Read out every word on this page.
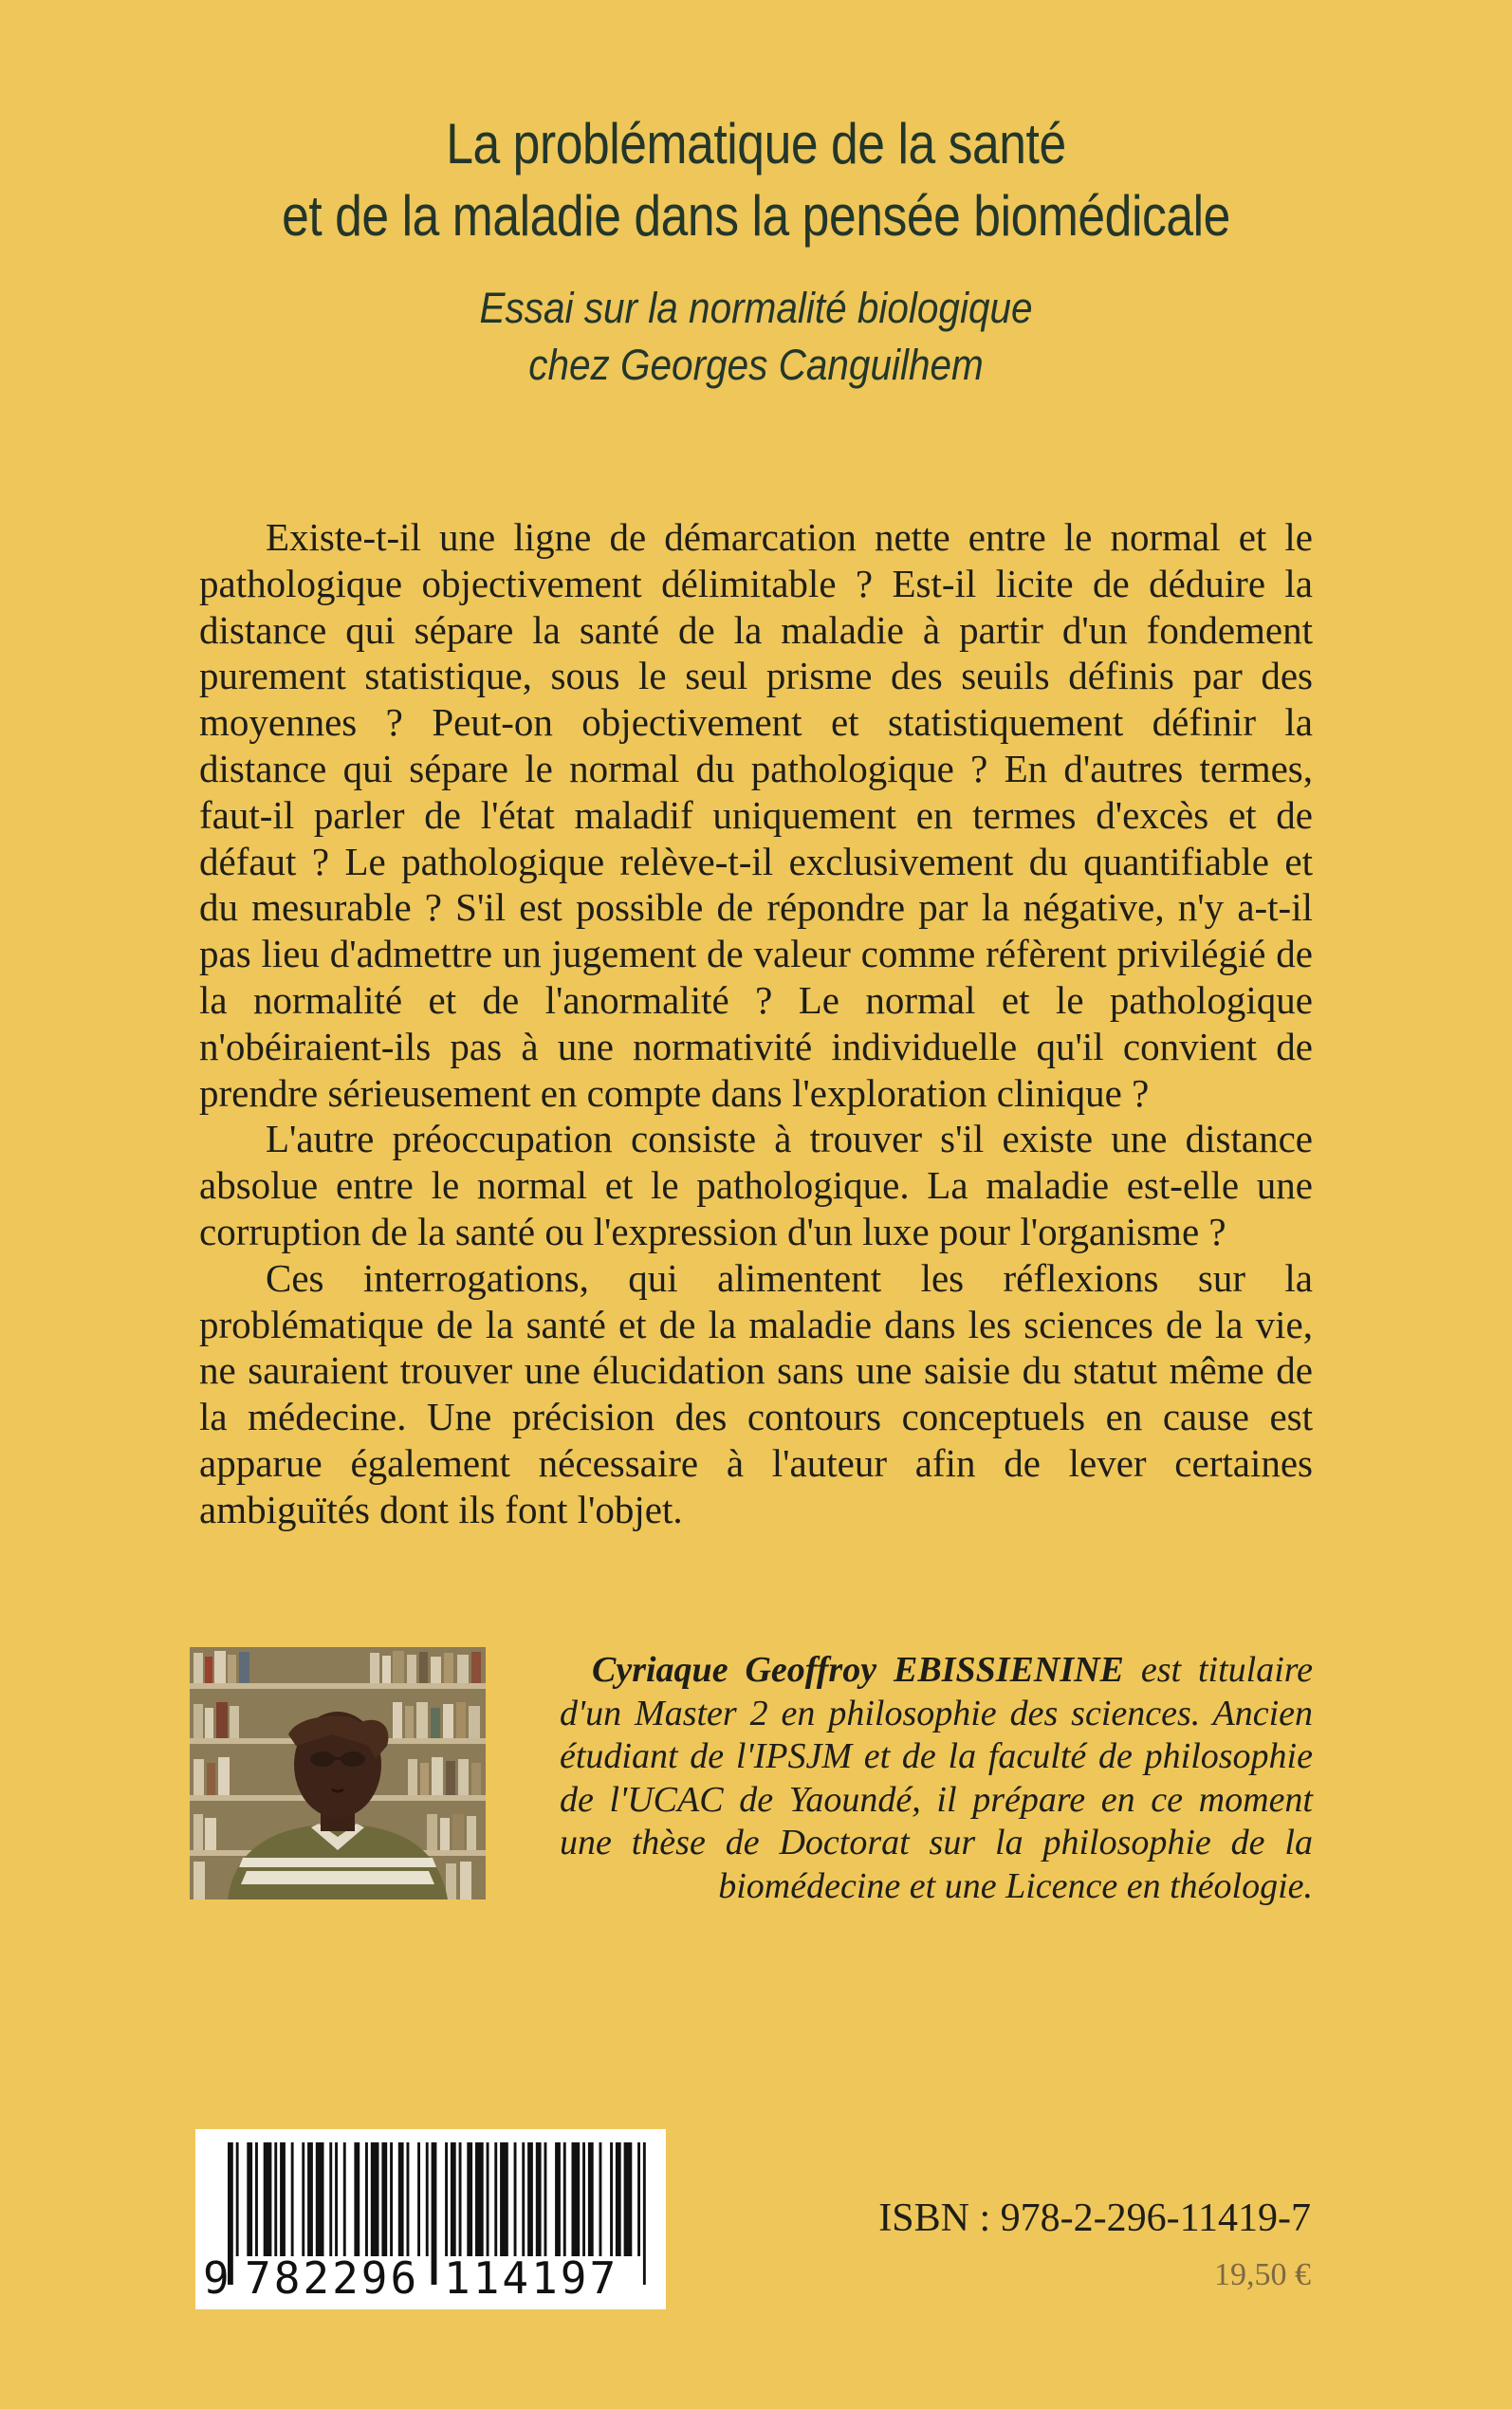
La problématique de la santé
et de la maladie dans la pensée biomédicale
Essai sur la normalité biologique
chez Georges Canguilhem

Existe-t-il une ligne de démarcation nette entre le normal et le pathologique objectivement délimitable ? Est-il licite de déduire la distance qui sépare la santé de la maladie à partir d'un fondement purement statistique, sous le seul prisme des seuils définis par des moyennes ? Peut-on objectivement et statistiquement définir la distance qui sépare le normal du pathologique ? En d'autres termes, faut-il parler de l'état maladif uniquement en termes d'excès et de défaut ? Le pathologique relève-t-il exclusivement du quantifiable et du mesurable ? S'il est possible de répondre par la négative, n'y a-t-il pas lieu d'admettre un jugement de valeur comme réfèrent privilégié de la normalité et de l'anormalité ? Le normal et le pathologique n'obéiraient-ils pas à une normativité individuelle qu'il convient de prendre sérieusement en compte dans l'exploration clinique ?

L'autre préoccupation consiste à trouver s'il existe une distance absolue entre le normal et le pathologique. La maladie est-elle une corruption de la santé ou l'expression d'un luxe pour l'organisme ?

Ces interrogations, qui alimentent les réflexions sur la problématique de la santé et de la maladie dans les sciences de la vie, ne sauraient trouver une élucidation sans une saisie du statut même de la médecine. Une précision des contours conceptuels en cause est apparue également nécessaire à l'auteur afin de lever certaines ambiguïtés dont ils font l'objet.

Cyriaque Geoffroy EBISSIENINE est titulaire d'un Master 2 en philosophie des sciences. Ancien étudiant de l'IPSJM et de la faculté de philosophie de l'UCAC de Yaoundé, il prépare en ce moment une thèse de Doctorat sur la philosophie de la biomédecine et une Licence en théologie.

9 782296 114197
ISBN : 978-2-296-11419-7
19,50 €
